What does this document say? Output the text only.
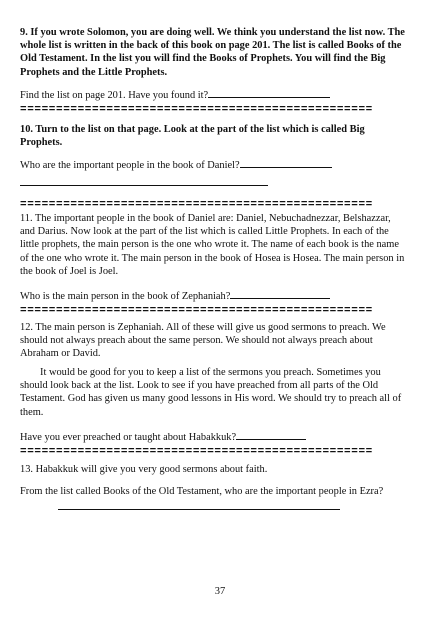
9. If you wrote Solomon, you are doing well. We think you understand the list now. The whole list is written in the back of this book on page 201. The list is called Books of the Old Testament. In the list you will find the Books of Prophets. You will find the Big Prophets and the Little Prophets.

Find the list on page 201. Have you found it?
=================================================

10. Turn to the list on that page. Look at the part of the list which is called Big Prophets.

Who are the important people in the book of Daniel?
=================================================

11. The important people in the book of Daniel are: Daniel, Nebuchadnezzar, Belshazzar, and Darius. Now look at the part of the list which is called Little Prophets. In each of the little prophets, the main person is the one who wrote it. The name of each book is the name of the one who wrote it. The main person in the book of Hosea is Hosea. The main person in the book of Joel is Joel.

Who is the main person in the book of Zephaniah?
=================================================

12. The main person is Zephaniah. All of these will give us good sermons to preach. We should not always preach about the same person. We should not always preach about Abraham or David.

It would be good for you to keep a list of the sermons you preach. Sometimes you should look back at the list. Look to see if you have preached from all parts of the Old Testament. God has given us many good lessons in His word. We should try to preach all of them.

Have you ever preached or taught about Habakkuk?
=================================================

13. Habakkuk will give you very good sermons about faith.

From the list called Books of the Old Testament, who are the important people in Ezra?

37
